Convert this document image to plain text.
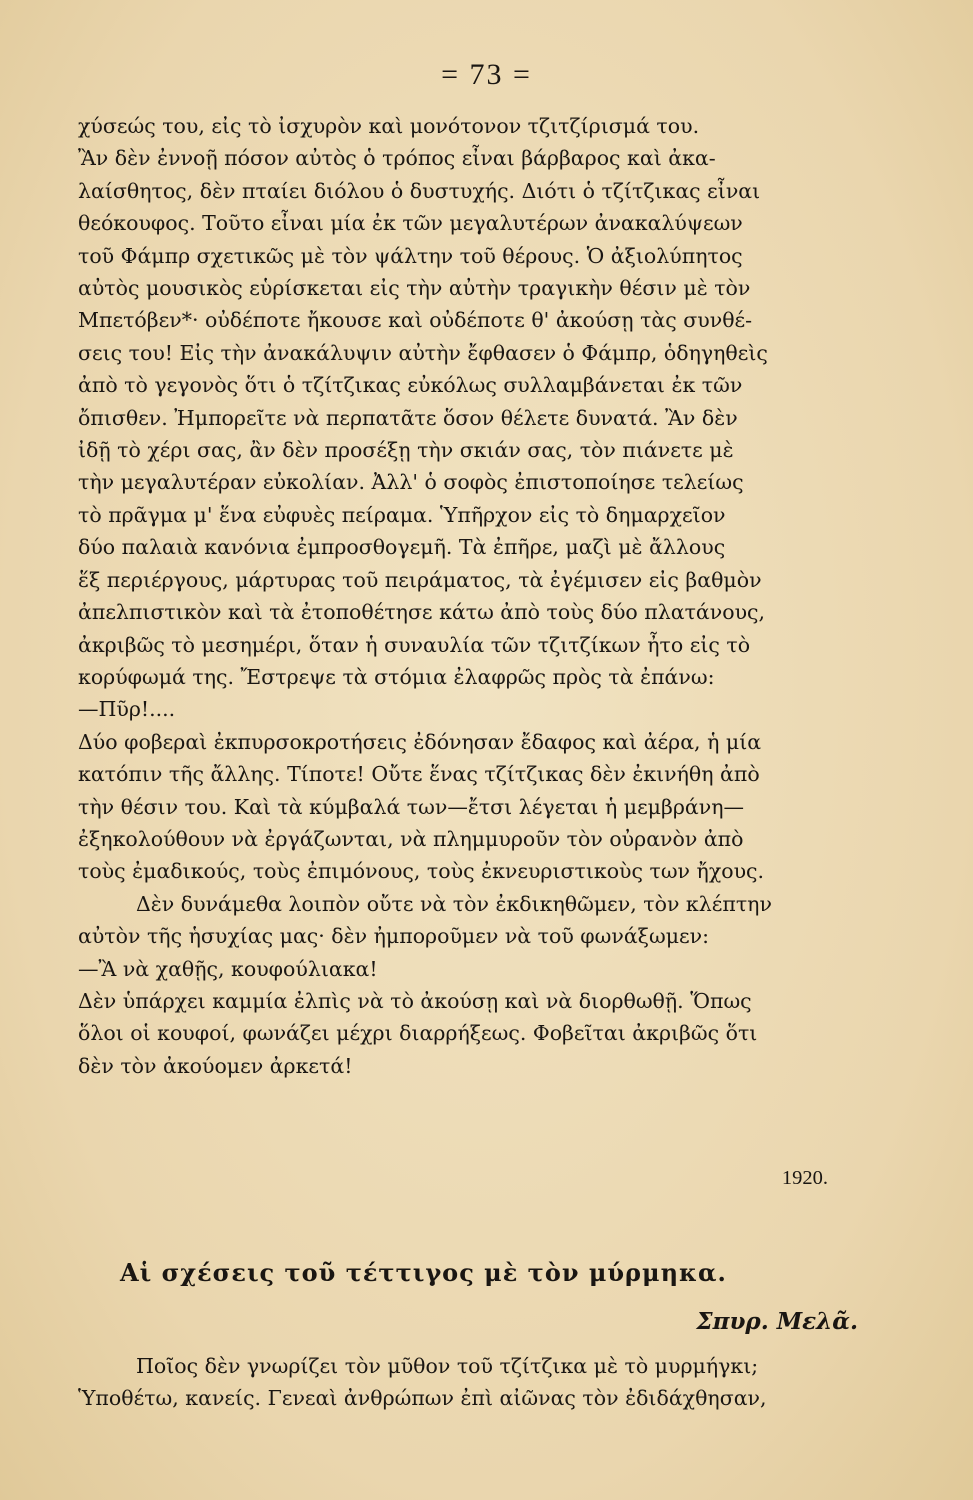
= 73 =

χύσεώς του, εἰς τὸ ἰσχυρὸν καὶ μονότονον τζιτζίρισμά του.

Ἂν δὲν ἐννοῇ πόσον αὐτὸς ὁ τρόπος εἶναι βάρβαρος καὶ ἀκα-

λαίσθητος, δὲν πταίει διόλου ὁ δυστυχής. Διότι ὁ τζίτζικας εἶναι

θεόκουφος. Τοῦτο εἶναι μία ἐκ τῶν μεγαλυτέρων ἀνακαλύψεων

τοῦ Φάμπρ σχετικῶς μὲ τὸν ψάλτην τοῦ θέρους. Ὁ ἀξιολύπητος

αὐτὸς μουσικὸς εὑρίσκεται εἰς τὴν αὐτὴν τραγικὴν θέσιν μὲ τὸν

Μπετόβεν*· οὐδέποτε ἤκουσε καὶ οὐδέποτε θ' ἀκούσῃ τὰς συνθέ-

σεις του! Εἰς τὴν ἀνακάλυψιν αὐτὴν ἔφθασεν ὁ Φάμπρ, ὁδηγηθεὶς

ἀπὸ τὸ γεγονὸς ὅτι ὁ τζίτζικας εὐκόλως συλλαμβάνεται ἐκ τῶν

ὄπισθεν. Ἠμπορεῖτε νὰ περπατᾶτε ὅσον θέλετε δυνατά. Ἂν δὲν

ἰδῇ τὸ χέρι σας, ἂν δὲν προσέξῃ τὴν σκιάν σας, τὸν πιάνετε μὲ

τὴν μεγαλυτέραν εὐκολίαν. Ἀλλ' ὁ σοφὸς ἐπιστοποίησε τελείως

τὸ πρᾶγμα μ' ἕνα εὐφυὲς πείραμα. Ὑπῆρχον εἰς τὸ δημαρχεῖον

δύο παλαιὰ κανόνια ἐμπροσθογεμῆ. Τὰ ἐπῆρε, μαζὶ μὲ ἄλλους

ἕξ περιέργους, μάρτυρας τοῦ πειράματος, τὰ ἐγέμισεν εἰς βαθμὸν

ἀπελπιστικὸν καὶ τὰ ἐτοποθέτησε κάτω ἀπὸ τοὺς δύο πλατάνους,

ἀκριβῶς τὸ μεσημέρι, ὅταν ἡ συναυλία τῶν τζιτζίκων ἦτο εἰς τὸ

κορύφωμά της. Ἔστρεψε τὰ στόμια ἐλαφρῶς πρὸς τὰ ἐπάνω:

—Πῦρ!....

Δύο φοβεραὶ ἐκπυρσοκροτήσεις ἐδόνησαν ἔδαφος καὶ ἀέρα, ἡ μία

κατόπιν τῆς ἄλλης. Τίποτε! Οὔτε ἕνας τζίτζικας δὲν ἐκινήθη ἀπὸ

τὴν θέσιν του. Καὶ τὰ κύμβαλά των—ἔτσι λέγεται ἡ μεμβράνη—

ἐξηκολούθουν νὰ ἐργάζωνται, νὰ πλημμυροῦν τὸν οὐρανὸν ἀπὸ

τοὺς ἐμαδικούς, τοὺς ἐπιμόνους, τοὺς ἐκνευριστικοὺς των ἤχους.

Δὲν δυνάμεθα λοιπὸν οὔτε νὰ τὸν ἐκδικηθῶμεν, τὸν κλέπτην

αὐτὸν τῆς ἡσυχίας μας· δὲν ἠμποροῦμεν νὰ τοῦ φωνάξωμεν:

—Ἂ νὰ χαθῇς, κουφούλιακα!

Δὲν ὑπάρχει καμμία ἐλπὶς νὰ τὸ ἀκούσῃ καὶ νὰ διορθωθῇ. Ὅπως

ὅλοι οἱ κουφοί, φωνάζει μέχρι διαρρήξεως. Φοβεῖται ἀκριβῶς ὅτι

δὲν τὸν ἀκούομεν ἀρκετά!

1920.
Αἱ σχέσεις τοῦ τέττιγος μὲ τὸν μύρμηκα.
Σπυρ. Μελᾶ.

Ποῖος δὲν γνωρίζει τὸν μῦθον τοῦ τζίτζικα μὲ τὸ μυρμήγκι;

Ὑποθέτω, κανείς. Γενεαὶ ἀνθρώπων ἐπὶ αἰῶνας τὸν ἐδιδάχθησαν,
